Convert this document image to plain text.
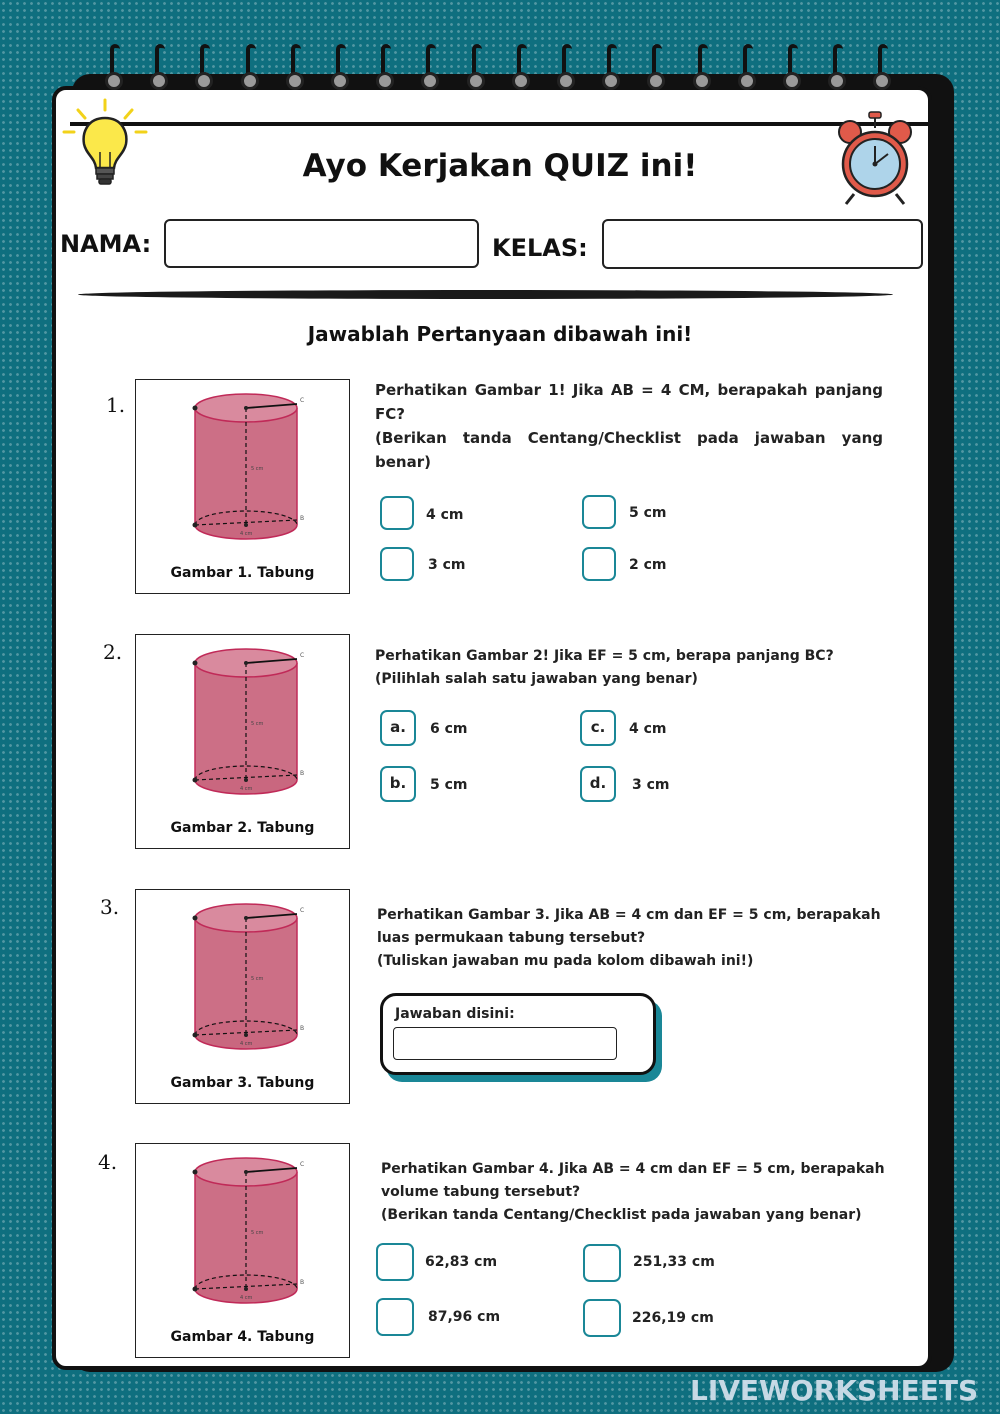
Ayo Kerjakan QUIZ ini!
NAMA:	KELAS:
Jawablah Pertanyaan dibawah ini!
1.	C
B
5 cm
4 cm
Gambar 1. Tabung
Perhatikan Gambar 1! Jika AB = 4 CM, berapakah panjang FC?
(Berikan tanda Centang/Checklist pada jawaban yang benar)
4 cm	5 cm
3 cm	2 cm
2.	C
B
5 cm
4 cm
Gambar 2. Tabung
Perhatikan Gambar 2! Jika EF = 5 cm, berapa panjang BC?
(Pilihlah salah satu jawaban yang benar)
a.	6 cm	c.	4 cm
b.	5 cm	d.	3 cm
3.	C
B
5 cm
4 cm
Gambar 3. Tabung
Perhatikan Gambar 3. Jika AB = 4 cm dan EF = 5 cm, berapakah luas permukaan tabung tersebut?
(Tuliskan jawaban mu pada kolom dibawah ini!)
Jawaban disini:
4.	C
B
5 cm
4 cm
Gambar 4. Tabung
Perhatikan Gambar 4. Jika AB = 4 cm dan EF = 5 cm, berapakah volume tabung tersebut?
(Berikan tanda Centang/Checklist pada jawaban yang benar)
62,83 cm	251,33 cm
87,96 cm	226,19 cm
LIVEWORKSHEETS
